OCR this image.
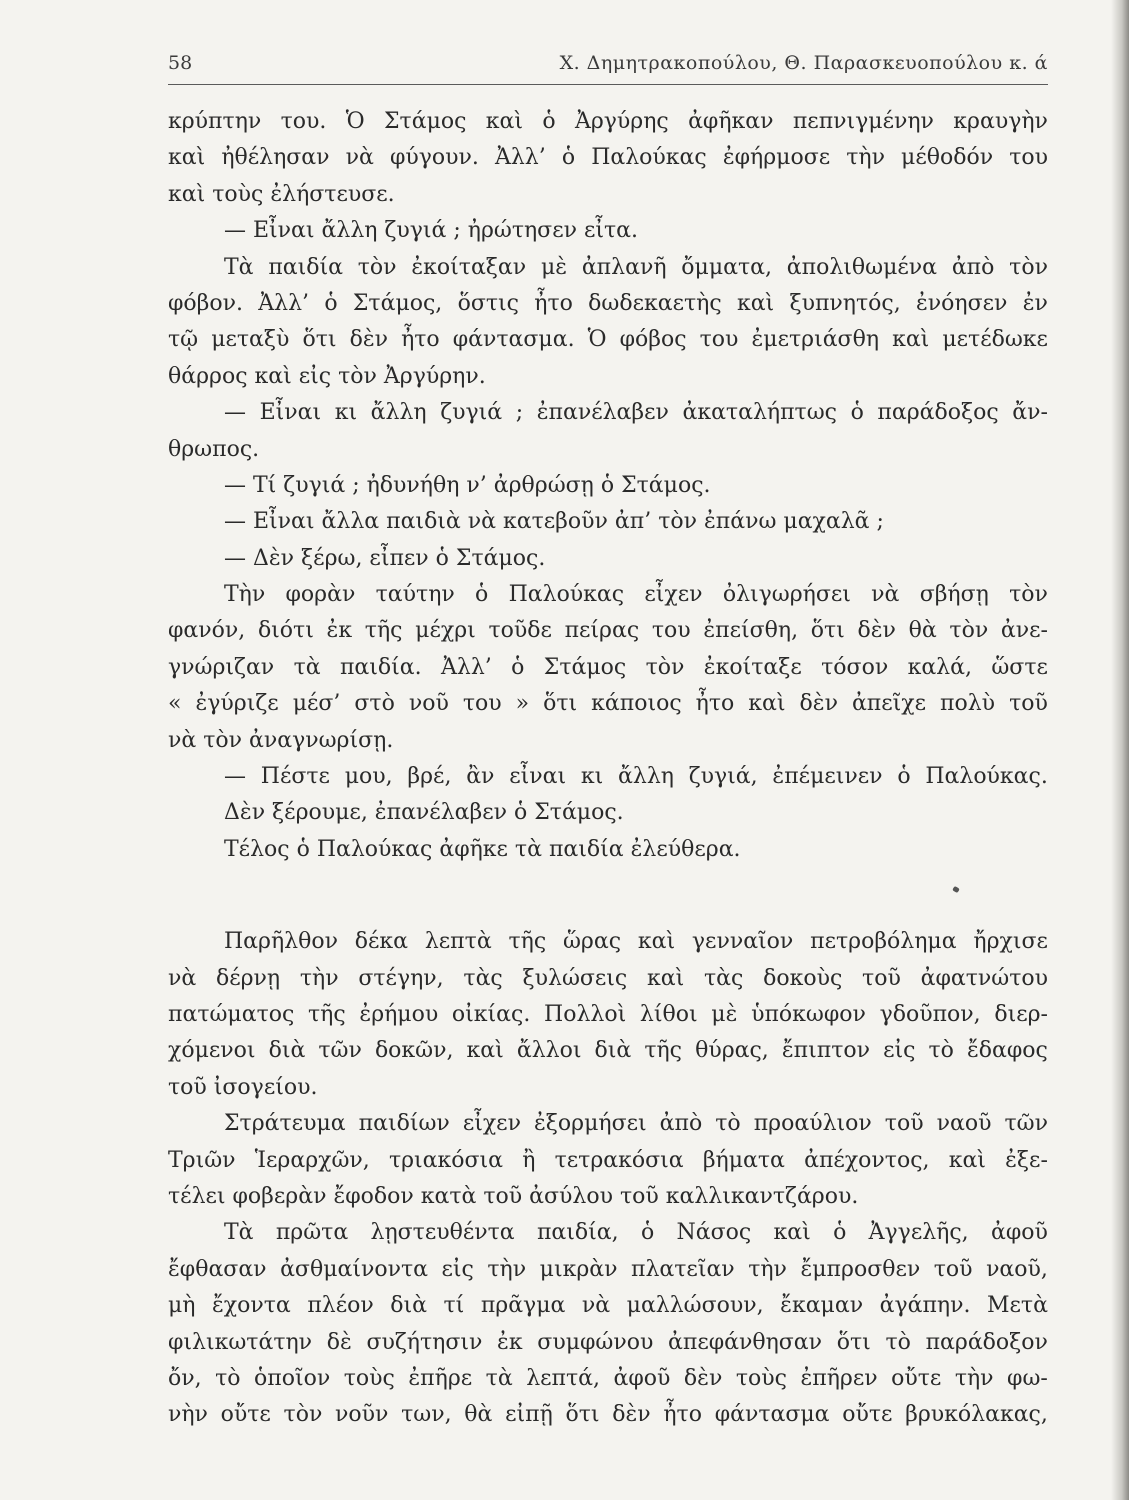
58	Χ. Δημητρακοπούλου, Θ. Παρασκευοπούλου κ. ά
κρύπτην του. Ὁ Στάμος καὶ ὁ Ἀργύρης ἀφῆκαν πεπνιγμένην κραυγὴν
καὶ ἠθέλησαν νὰ φύγουν. Ἀλλ’ ὁ Παλούκας ἐφήρμοσε τὴν μέθοδόν του
καὶ τοὺς ἐλήστευσε.
— Εἶναι ἄλλη ζυγιά ; ἠρώτησεν εἶτα.
Τὰ παιδία τὸν ἐκοίταξαν μὲ ἀπλανῆ ὄμματα, ἀπολιθωμένα ἀπὸ τὸν
φόβον. Ἀλλ’ ὁ Στάμος, ὅστις ἦτο δωδεκαετὴς καὶ ξυπνητός, ἐνόησεν ἐν
τῷ μεταξὺ ὅτι δὲν ἦτο φάντασμα. Ὁ φόβος του ἐμετριάσθη καὶ μετέδωκε
θάρρος καὶ εἰς τὸν Ἀργύρην.
— Εἶναι κι ἄλλη ζυγιά ; ἐπανέλαβεν ἀκαταλήπτως ὁ παράδοξος ἄν-
θρωπος.
— Τί ζυγιά ; ἠδυνήθη ν’ ἀρθρώσῃ ὁ Στάμος.
— Εἶναι ἄλλα παιδιὰ νὰ κατεβοῦν ἀπ’ τὸν ἐπάνω μαχαλᾶ ;
— Δὲν ξέρω, εἶπεν ὁ Στάμος.
Τὴν φορὰν ταύτην ὁ Παλούκας εἶχεν ὀλιγωρήσει νὰ σβήσῃ τὸν
φανόν, διότι ἐκ τῆς μέχρι τοῦδε πείρας του ἐπείσθη, ὅτι δὲν θὰ τὸν ἀνε-
γνώριζαν τὰ παιδία. Ἀλλ’ ὁ Στάμος τὸν ἐκοίταξε τόσον καλά, ὥστε
« ἐγύριζε μέσ’ στὸ νοῦ του » ὅτι κάποιος ἦτο καὶ δὲν ἀπεῖχε πολὺ τοῦ
νὰ τὸν ἀναγνωρίσῃ.
— Πέστε μου, βρέ, ἂν εἶναι κι ἄλλη ζυγιά, ἐπέμεινεν ὁ Παλούκας.
Δὲν ξέρουμε, ἐπανέλαβεν ὁ Στάμος.
Τέλος ὁ Παλούκας ἀφῆκε τὰ παιδία ἐλεύθερα.
Παρῆλθον δέκα λεπτὰ τῆς ὥρας καὶ γενναῖον πετροβόλημα ἤρχισε
νὰ δέρνῃ τὴν στέγην, τὰς ξυλώσεις καὶ τὰς δοκοὺς τοῦ ἀφατνώτου
πατώματος τῆς ἐρήμου οἰκίας. Πολλοὶ λίθοι μὲ ὑπόκωφον γδοῦπον, διερ-
χόμενοι διὰ τῶν δοκῶν, καὶ ἄλλοι διὰ τῆς θύρας, ἔπιπτον εἰς τὸ ἔδαφος
τοῦ ἰσογείου.
Στράτευμα παιδίων εἶχεν ἐξορμήσει ἀπὸ τὸ προαύλιον τοῦ ναοῦ τῶν
Τριῶν Ἱεραρχῶν, τριακόσια ἢ τετρακόσια βήματα ἀπέχοντος, καὶ ἐξε-
τέλει φοβερὰν ἔφοδον κατὰ τοῦ ἀσύλου τοῦ καλλικαντζάρου.
Τὰ πρῶτα λῃστευθέντα παιδία, ὁ Νάσος καὶ ὁ Ἀγγελῆς, ἀφοῦ
ἔφθασαν ἀσθμαίνοντα εἰς τὴν μικρὰν πλατεῖαν τὴν ἔμπροσθεν τοῦ ναοῦ,
μὴ ἔχοντα πλέον διὰ τί πρᾶγμα νὰ μαλλώσουν, ἔκαμαν ἀγάπην. Μετὰ
φιλικωτάτην δὲ συζήτησιν ἐκ συμφώνου ἀπεφάνθησαν ὅτι τὸ παράδοξον
ὄν, τὸ ὁποῖον τοὺς ἐπῆρε τὰ λεπτά, ἀφοῦ δὲν τοὺς ἐπῆρεν οὔτε τὴν φω-
νὴν οὔτε τὸν νοῦν των, θὰ εἰπῇ ὅτι δὲν ἦτο φάντασμα οὔτε βρυκόλακας,
